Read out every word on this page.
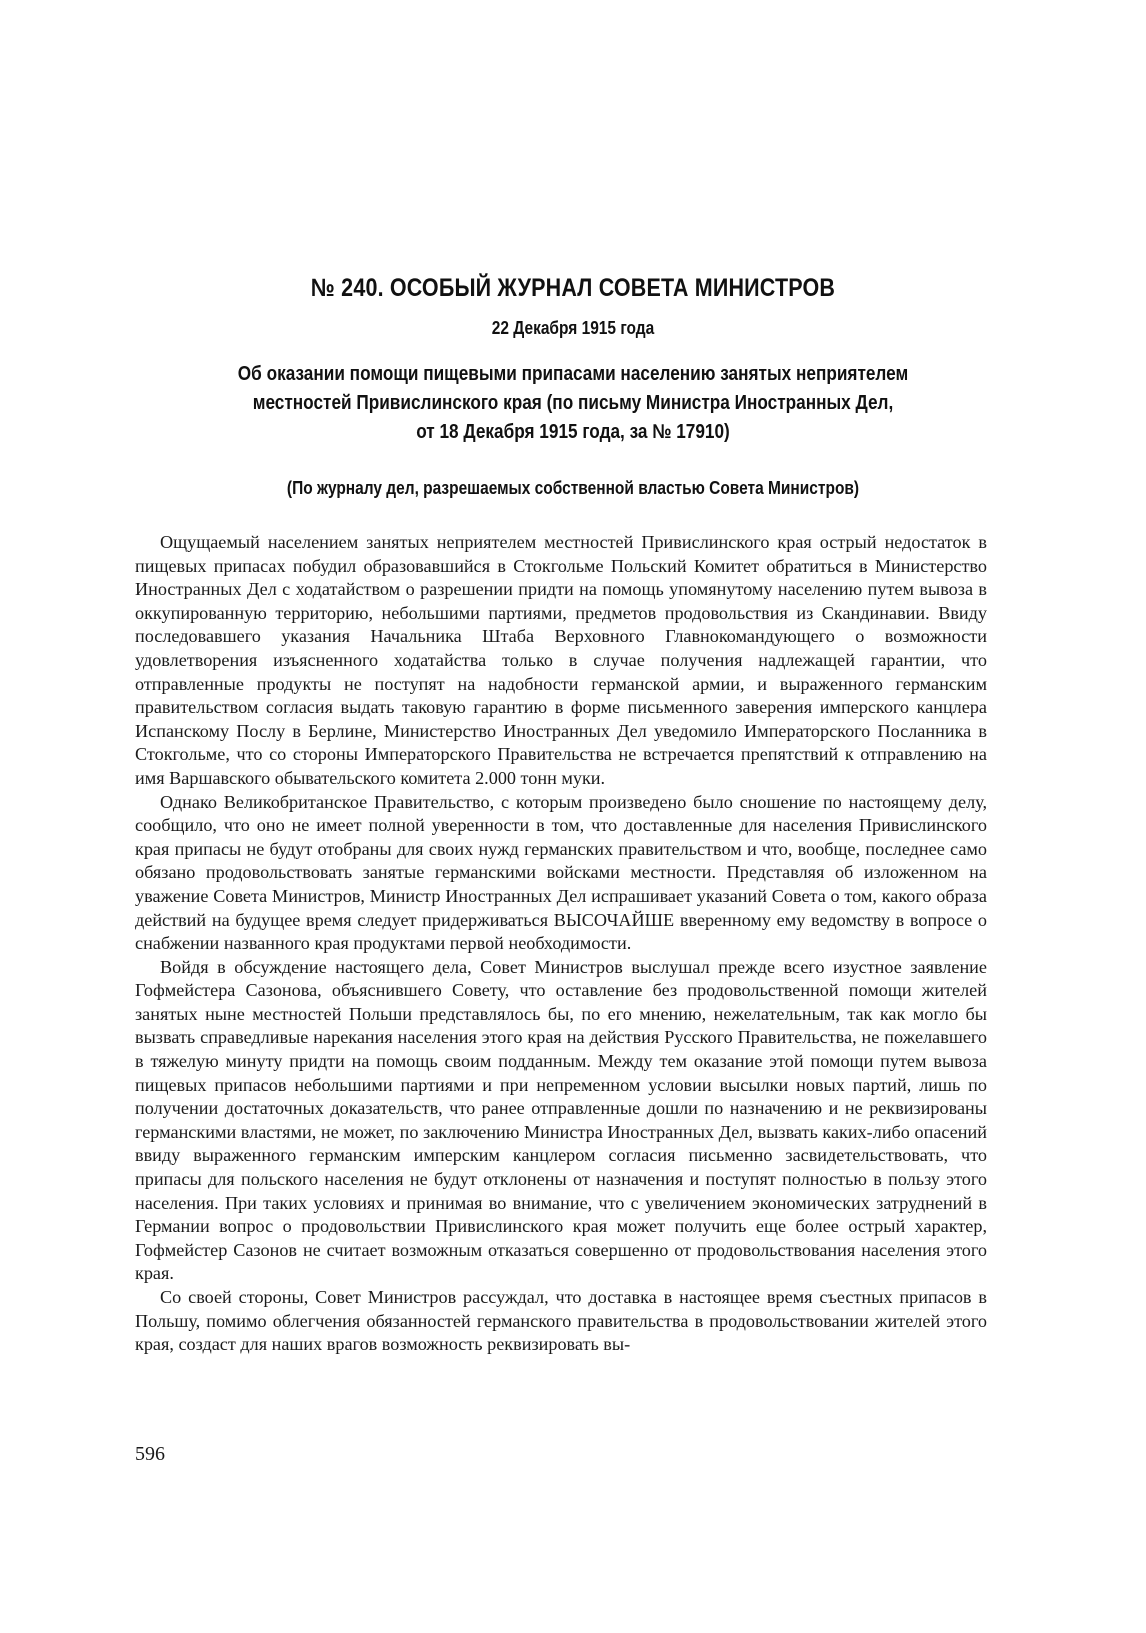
№ 240. ОСОБЫЙ ЖУРНАЛ СОВЕТА МИНИСТРОВ
22 Декабря 1915 года
Об оказании помощи пищевыми припасами населению занятых неприятелем
местностей Привислинского края (по письму Министра Иностранных Дел,
от 18 Декабря 1915 года, за № 17910)
(По журналу дел, разрешаемых собственной властью Совета Министров)

Ощущаемый населением занятых неприятелем местностей Привислинского края острый недостаток в пищевых припасах побудил образовавшийся в Стокгольме Польский Комитет обратиться в Министерство Иностранных Дел с ходатайством о разрешении придти на помощь упомянутому населению путем вывоза в оккупированную территорию, небольшими партиями, предметов продовольствия из Скандинавии. Ввиду последовавшего указания Начальника Штаба Верховного Главнокомандующего о возможности удовлетворения изъясненного ходатайства только в случае получения надлежащей гарантии, что отправленные продукты не поступят на надобности германской армии, и выраженного германским правительством согласия выдать таковую гарантию в форме письменного заверения имперского канцлера Испанскому Послу в Берлине, Министерство Иностранных Дел уведомило Императорского Посланника в Стокгольме, что со стороны Императорского Правительства не встречается препятствий к отправлению на имя Варшавского обывательского комитета 2.000 тонн муки.

Однако Великобританское Правительство, с которым произведено было сношение по настоящему делу, сообщило, что оно не имеет полной уверенности в том, что доставленные для населения Привислинского края припасы не будут отобраны для своих нужд германских правительством и что, вообще, последнее само обязано продовольствовать занятые германскими войсками местности. Представляя об изложенном на уважение Совета Министров, Министр Иностранных Дел испрашивает указаний Совета о том, какого образа действий на будущее время следует придерживаться ВЫСОЧАЙШЕ вверенному ему ведомству в вопросе о снабжении названного края продуктами первой необходимости.

Войдя в обсуждение настоящего дела, Совет Министров выслушал прежде всего изустное заявление Гофмейстера Сазонова, объяснившего Совету, что оставление без продовольственной помощи жителей занятых ныне местностей Польши представлялось бы, по его мнению, нежелательным, так как могло бы вызвать справедливые нарекания населения этого края на действия Русского Правительства, не пожелавшего в тяжелую минуту придти на помощь своим подданным. Между тем оказание этой помощи путем вывоза пищевых припасов небольшими партиями и при непременном условии высылки новых партий, лишь по получении достаточных доказательств, что ранее отправленные дошли по назначению и не реквизированы германскими властями, не может, по заключению Министра Иностранных Дел, вызвать каких-либо опасений ввиду выраженного германским имперским канцлером согласия письменно засвидетельствовать, что припасы для польского населения не будут отклонены от назначения и поступят полностью в пользу этого населения. При таких условиях и принимая во внимание, что с увеличением экономических затруднений в Германии вопрос о продовольствии Привислинского края может получить еще более острый характер, Гофмейстер Сазонов не считает возможным отказаться совершенно от продовольствования населения этого края.

Со своей стороны, Совет Министров рассуждал, что доставка в настоящее время съестных припасов в Польшу, помимо облегчения обязанностей германского правительства в продовольствовании жителей этого края, создаст для наших врагов возможность реквизировать вы-

596
